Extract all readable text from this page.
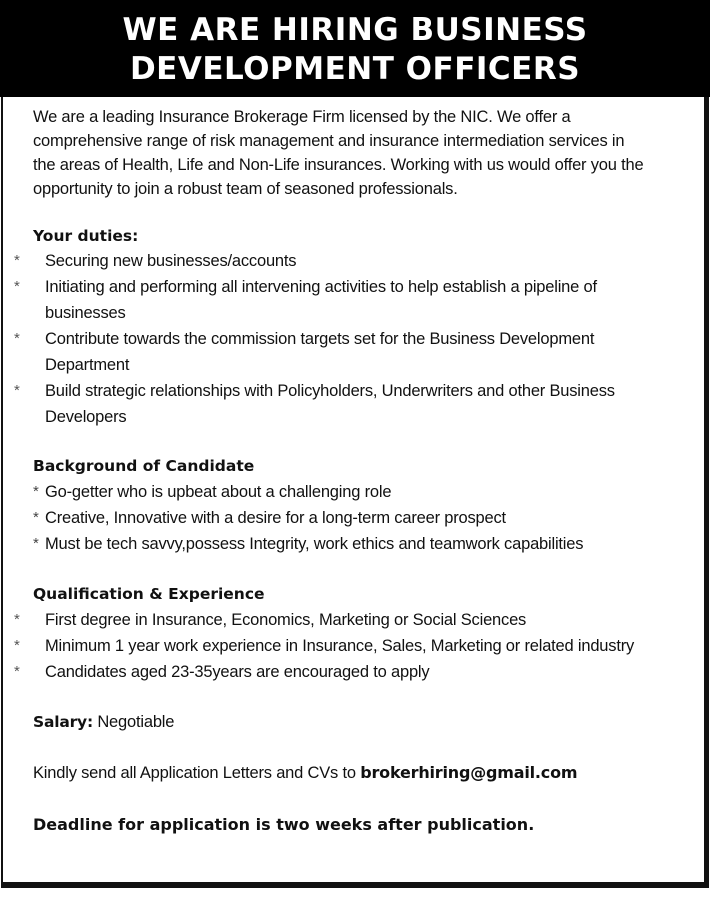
WE ARE HIRING BUSINESS
DEVELOPMENT OFFICERS
We are a leading Insurance Brokerage Firm licensed by the NIC. We offer a
comprehensive range of risk management and insurance intermediation services in
the areas of Health, Life and Non-Life insurances. Working with us would offer you the
opportunity to join a robust team of seasoned professionals.
Your duties:
* Securing new businesses/accounts
* Initiating and performing all intervening activities to help establish a pipeline of
businesses
* Contribute towards the commission targets set for the Business Development
Department
* Build strategic relationships with Policyholders, Underwriters and other Business
Developers
Background of Candidate
* Go-getter who is upbeat about a challenging role
* Creative, Innovative with a desire for a long-term career prospect
* Must be tech savvy,possess Integrity, work ethics and teamwork capabilities
Qualification & Experience
* First degree in Insurance, Economics, Marketing or Social Sciences
* Minimum 1 year work experience in Insurance, Sales, Marketing or related industry
* Candidates aged 23-35years are encouraged to apply
Salary: Negotiable
Kindly send all Application Letters and CVs to brokerhiring@gmail.com
Deadline for application is two weeks after publication.
